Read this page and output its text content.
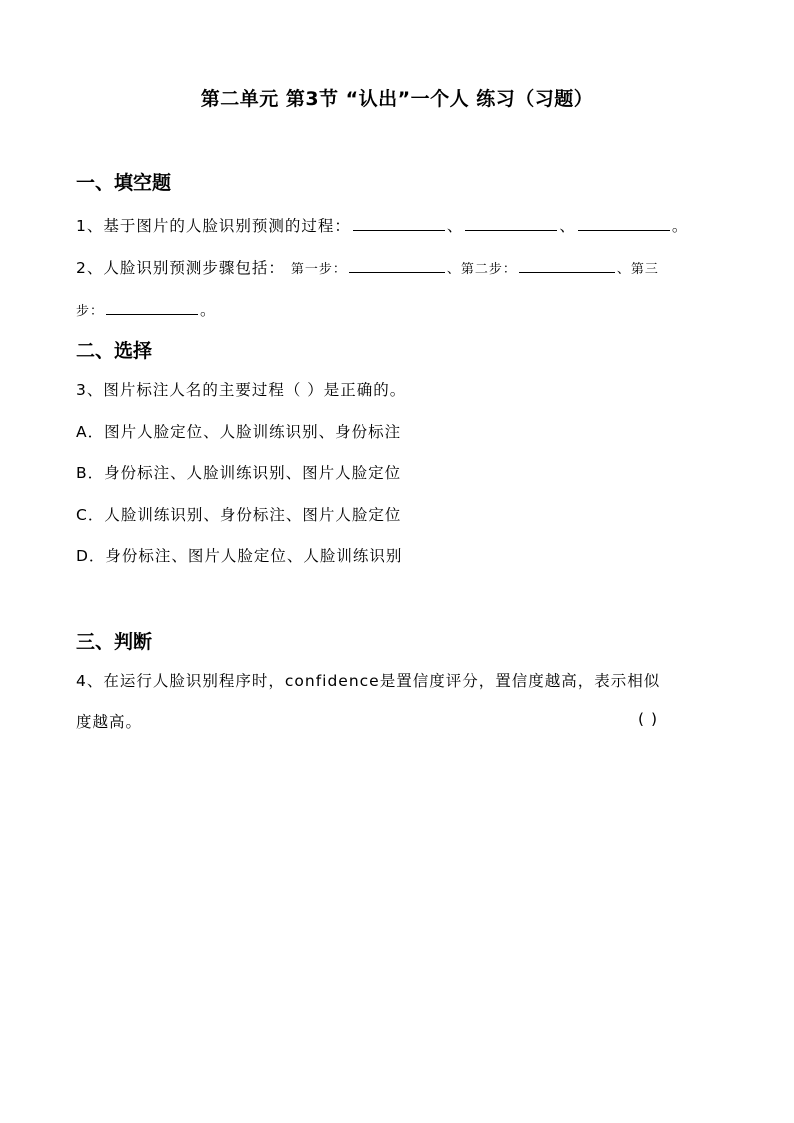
第二单元 第3节 “认出”一个人 练习（习题）
一、填空题
1、基于图片的人脸识别预测的过程：	、	、	。
2、人脸识别预测步骤包括： 第一步：	、第二步：	、第三
步：	。
二、选择
3、图片标注人名的主要过程（ ）是正确的。
A．图片人脸定位、人脸训练识别、身份标注
B．身份标注、人脸训练识别、图片人脸定位
C．人脸训练识别、身份标注、图片人脸定位
D．身份标注、图片人脸定位、人脸训练识别
三、判断
4、在运行人脸识别程序时，confidence是置信度评分，置信度越高，表示相似
度越高。	( )
